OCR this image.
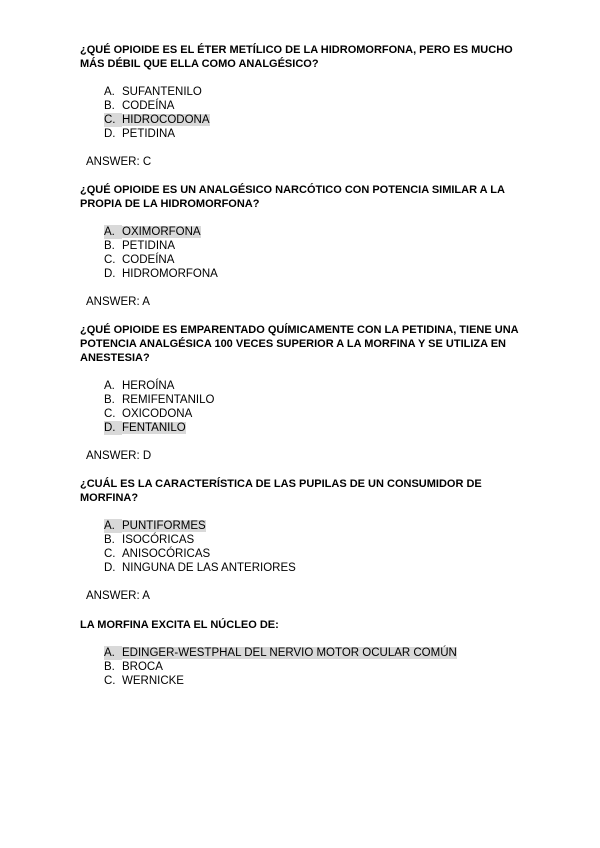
¿QUÉ OPIOIDE ES EL ÉTER METÍLICO DE LA HIDROMORFONA, PERO ES MUCHO MÁS DÉBIL QUE ELLA COMO ANALGÉSICO?

A. SUFANTENILO
B. CODEÍNA
C. HIDROCODONA
D. PETIDINA
ANSWER: C

¿QUÉ OPIOIDE ES UN ANALGÉSICO NARCÓTICO CON POTENCIA SIMILAR A LA PROPIA DE LA HIDROMORFONA?

A. OXIMORFONA
B. PETIDINA
C. CODEÍNA
D. HIDROMORFONA
ANSWER: A

¿QUÉ OPIOIDE ES EMPARENTADO QUÍMICAMENTE CON LA PETIDINA, TIENE UNA POTENCIA ANALGÉSICA 100 VECES SUPERIOR A LA MORFINA Y SE UTILIZA EN ANESTESIA?

A. HEROÍNA
B. REMIFENTANILO
C. OXICODONA
D. FENTANILO
ANSWER: D

¿CUÁL ES LA CARACTERÍSTICA DE LAS PUPILAS DE UN CONSUMIDOR DE MORFINA?

A. PUNTIFORMES
B. ISOCÓRICAS
C. ANISOCÓRICAS
D. NINGUNA DE LAS ANTERIORES
ANSWER: A

LA MORFINA EXCITA EL NÚCLEO DE:

A. EDINGER-WESTPHAL DEL NERVIO MOTOR OCULAR COMÚN
B. BROCA
C. WERNICKE
